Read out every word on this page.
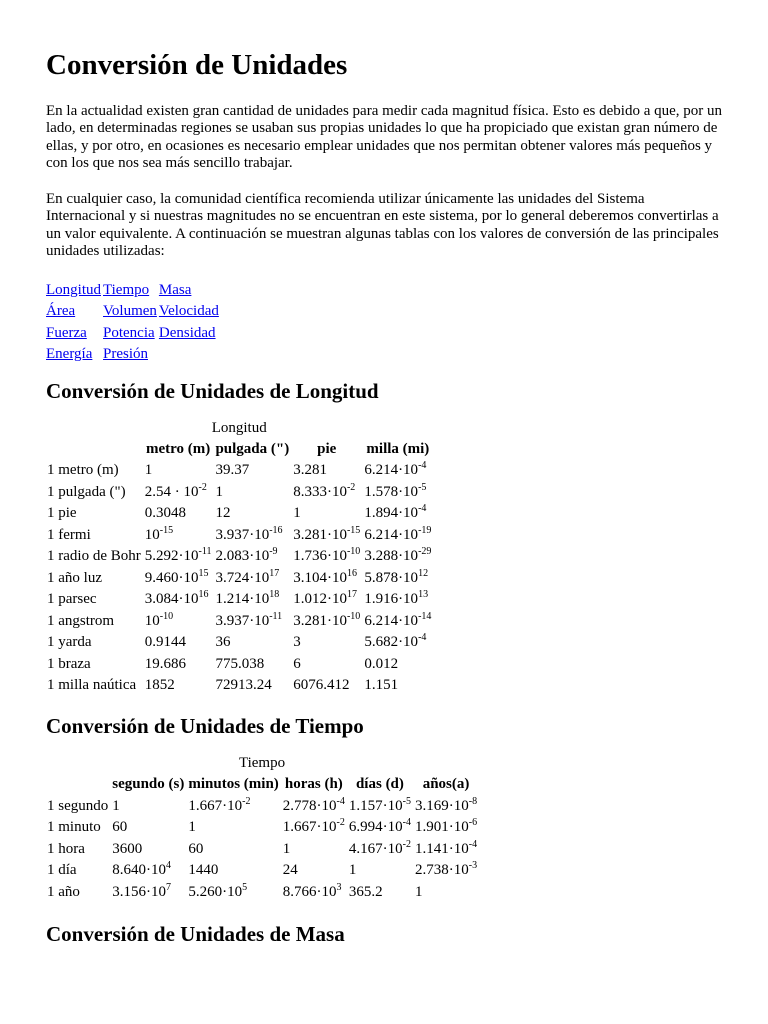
Conversión de Unidades

En la actualidad existen gran cantidad de unidades para medir cada magnitud física. Esto es debido a que, por un lado, en determinadas regiones se usaban sus propias unidades lo que ha propiciado que existan gran número de ellas, y por otro, en ocasiones es necesario emplear unidades que nos permitan obtener valores más pequeños y con los que nos sea más sencillo trabajar.

En cualquier caso, la comunidad científica recomienda utilizar únicamente las unidades del Sistema Internacional y si nuestras magnitudes no se encuentran en este sistema, por lo general deberemos convertirlas a un valor equivalente. A continuación se muestran algunas tablas con los valores de conversión de las principales unidades utilizadas:

Longitud	Tiempo	Masa
Área	Volumen	Velocidad
Fuerza	Potencia	Densidad
Energía	Presión	
Conversión de Unidades de Longitud
Longitud
	metro (m)	pulgada (")	pie	milla (mi)
1 metro (m)	1	39.37	3.281	$6.214\cdot 10^{-4}$
1 pulgada (")	$2.54 \cdot 10^{-2}$	1	$8.333\cdot 10^{-2}$	$1.578\cdot 10^{-5}$
1 pie	0.3048	12	1	$1.894\cdot 10^{-4}$
1 fermi	$10^{-15}$	$3.937\cdot 10^{-16}$	$3.281\cdot 10^{-15}$	$6.214\cdot 10^{-19}$
1 radio de Bohr	$5.292\cdot 10^{-11}$	$2.083\cdot 10^{-9}$	$1.736\cdot 10^{-10}$	$3.288\cdot 10^{-29}$
1 año luz	$9.460\cdot 10^{15}$	$3.724\cdot 10^{17}$	$3.104\cdot 10^{16}$	$5.878\cdot 10^{12}$
1 parsec	$3.084\cdot 10^{16}$	$1.214\cdot 10^{18}$	$1.012\cdot 10^{17}$	$1.916\cdot 10^{13}$
1 angstrom	$10^{-10}$	$3.937\cdot 10^{-11}$	$3.281\cdot 10^{-10}$	$6.214\cdot 10^{-14}$
1 yarda	0.9144	36	3	$5.682\cdot 10^{-4}$
1 braza	19.686	775.038	6	0.012
1 milla naútica	1852	72913.24	6076.412	1.151
Conversión de Unidades de Tiempo
Tiempo
	segundo (s)	minutos (min)	horas (h)	días (d)	años(a)
1 segundo	1	$1.667\cdot 10^{-2}$	$2.778\cdot 10^{-4}$	$1.157\cdot 10^{-5}$	$3.169\cdot 10^{-8}$
1 minuto	60	1	$1.667\cdot 10^{-2}$	$6.994\cdot 10^{-4}$	$1.901\cdot 10^{-6}$
1 hora	3600	60	1	$4.167\cdot 10^{-2}$	$1.141\cdot 10^{-4}$
1 día	$8.640\cdot 10^4$	1440	24	1	$2.738\cdot 10^{-3}$
1 año	$3.156\cdot 10^7$	$5.260\cdot 10^5$	$8.766\cdot 10^3$	365.2	1
Conversión de Unidades de Masa
